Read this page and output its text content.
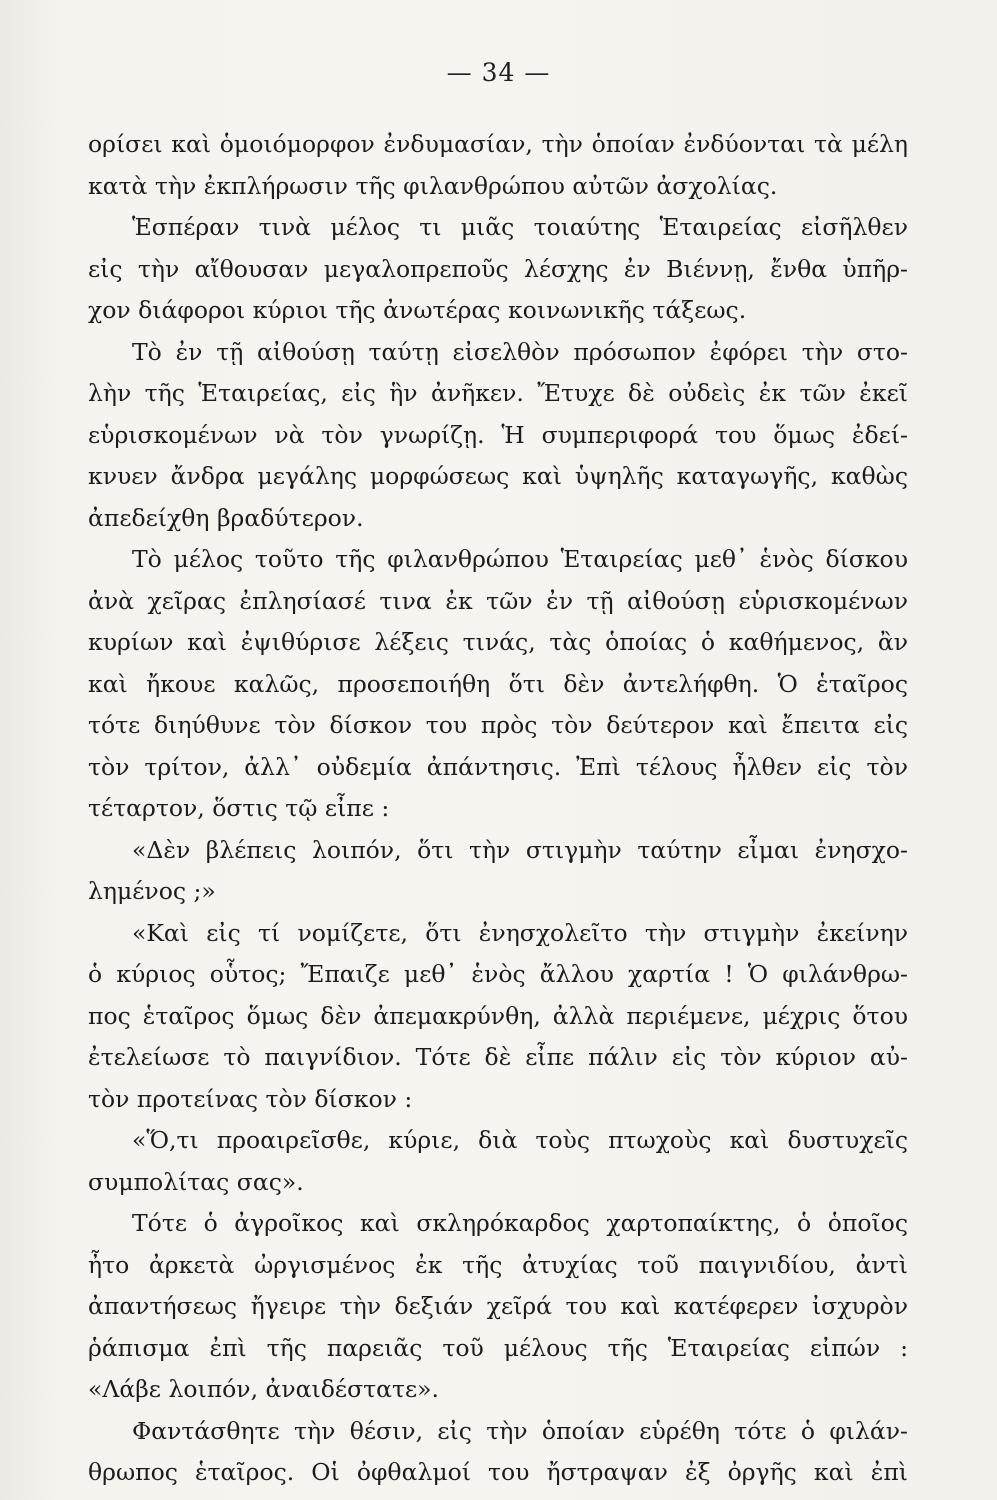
— 34 —
ορίσει καὶ ὁμοιόμορφον ἐνδυμασίαν, τὴν ὁποίαν ἐνδύονται τὰ μέλη
κατὰ τὴν ἐκπλήρωσιν τῆς φιλανθρώπου αὐτῶν ἀσχολίας.
Ἑσπέραν τινὰ μέλος τι μιᾶς τοιαύτης Ἑταιρείας εἰσῆλθεν
εἰς τὴν αἴθουσαν μεγαλοπρεποῦς λέσχης ἐν Βιέννῃ, ἔνθα ὑπῆρ-
χον διάφοροι κύριοι τῆς ἀνωτέρας κοινωνικῆς τάξεως.
Τὸ ἐν τῇ αἰθούσῃ ταύτῃ εἰσελθὸν πρόσωπον ἐφόρει τὴν στο-
λὴν τῆς Ἑταιρείας, εἰς ἣν ἀνῆκεν. Ἔτυχε δὲ οὐδεὶς ἐκ τῶν ἐκεῖ
εὑρισκομένων νὰ τὸν γνωρίζῃ. Ἡ συμπεριφορά του ὅμως ἐδεί-
κνυεν ἄνδρα μεγάλης μορφώσεως καὶ ὑψηλῆς καταγωγῆς, καθὼς
ἀπεδείχθη βραδύτερον.
Τὸ μέλος τοῦτο τῆς φιλανθρώπου Ἑταιρείας μεθ᾽ ἑνὸς δίσκου
ἀνὰ χεῖρας ἐπλησίασέ τινα ἐκ τῶν ἐν τῇ αἰθούσῃ εὑρισκομένων
κυρίων καὶ ἐψιθύρισε λέξεις τινάς, τὰς ὁποίας ὁ καθήμενος, ἂν
καὶ ἤκουε καλῶς, προσεποιήθη ὅτι δὲν ἀντελήφθη. Ὁ ἑταῖρος
τότε διηύθυνε τὸν δίσκον του πρὸς τὸν δεύτερον καὶ ἔπειτα εἰς
τὸν τρίτον, ἀλλ᾽ οὐδεμία ἀπάντησις. Ἐπὶ τέλους ἦλθεν εἰς τὸν
τέταρτον, ὅστις τῷ εἶπε :
«Δὲν βλέπεις λοιπόν, ὅτι τὴν στιγμὴν ταύτην εἶμαι ἐνησχο-
λημένος ;»
«Καὶ εἰς τί νομίζετε, ὅτι ἐνησχολεῖτο τὴν στιγμὴν ἐκείνην
ὁ κύριος οὗτος; Ἔπαιζε μεθ᾽ ἑνὸς ἄλλου χαρτία ! Ὁ φιλάνθρω-
πος ἑταῖρος ὅμως δὲν ἀπεμακρύνθη, ἀλλὰ περιέμενε, μέχρις ὅτου
ἐτελείωσε τὸ παιγνίδιον. Τότε δὲ εἶπε πάλιν εἰς τὸν κύριον αὐ-
τὸν προτείνας τὸν δίσκον :
«Ὅ,τι προαιρεῖσθε, κύριε, διὰ τοὺς πτωχοὺς καὶ δυστυχεῖς
συμπολίτας σας».
Τότε ὁ ἀγροῖκος καὶ σκληρόκαρδος χαρτοπαίκτης, ὁ ὁποῖος
ἦτο ἀρκετὰ ὠργισμένος ἐκ τῆς ἀτυχίας τοῦ παιγνιδίου, ἀντὶ
ἀπαντήσεως ἤγειρε τὴν δεξιάν χεῖρά του καὶ κατέφερεν ἰσχυρὸν
ῥάπισμα ἐπὶ τῆς παρειᾶς τοῦ μέλους τῆς Ἑταιρείας εἰπών :
«Λάβε λοιπόν, ἀναιδέστατε».
Φαντάσθητε τὴν θέσιν, εἰς τὴν ὁποίαν εὑρέθη τότε ὁ φιλάν-
θρωπος ἑταῖρος. Οἱ ὀφθαλμοί του ἤστραψαν ἐξ ὀργῆς καὶ ἐπὶ
